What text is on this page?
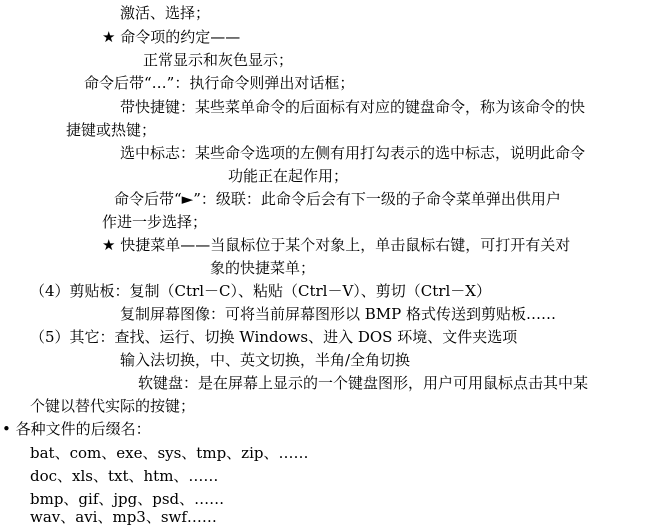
激活、选择；
★ 命令项的约定——
正常显示和灰色显示；
命令后带“…”：执行命令则弹出对话框；
带快捷键：某些菜单命令的后面标有对应的键盘命令，称为该命令的快
捷键或热键；
选中标志：某些命令选项的左侧有用打勾表示的选中标志，说明此命令
功能正在起作用；
命令后带“►”：级联：此命令后会有下一级的子命令菜单弹出供用户
作进一步选择；
★ 快捷菜单——当鼠标位于某个对象上，单击鼠标右键，可打开有关对
象的快捷菜单；
（4）剪贴板：复制（Ctrl－C）、粘贴（Ctrl－V）、剪切（Ctrl－X）
复制屏幕图像：可将当前屏幕图形以 BMP 格式传送到剪贴板……
（5）其它：查找、运行、切换 Windows、进入 DOS 环境、文件夹选项
输入法切换，中、英文切换，半角/全角切换
软键盘：是在屏幕上显示的一个键盘图形，用户可用鼠标点击其中某
个键以替代实际的按键；
• 各种文件的后缀名：
bat、com、exe、sys、tmp、zip、……
doc、xls、txt、htm、……
bmp、gif、jpg、psd、……
wav、avi、mp3、swf……
